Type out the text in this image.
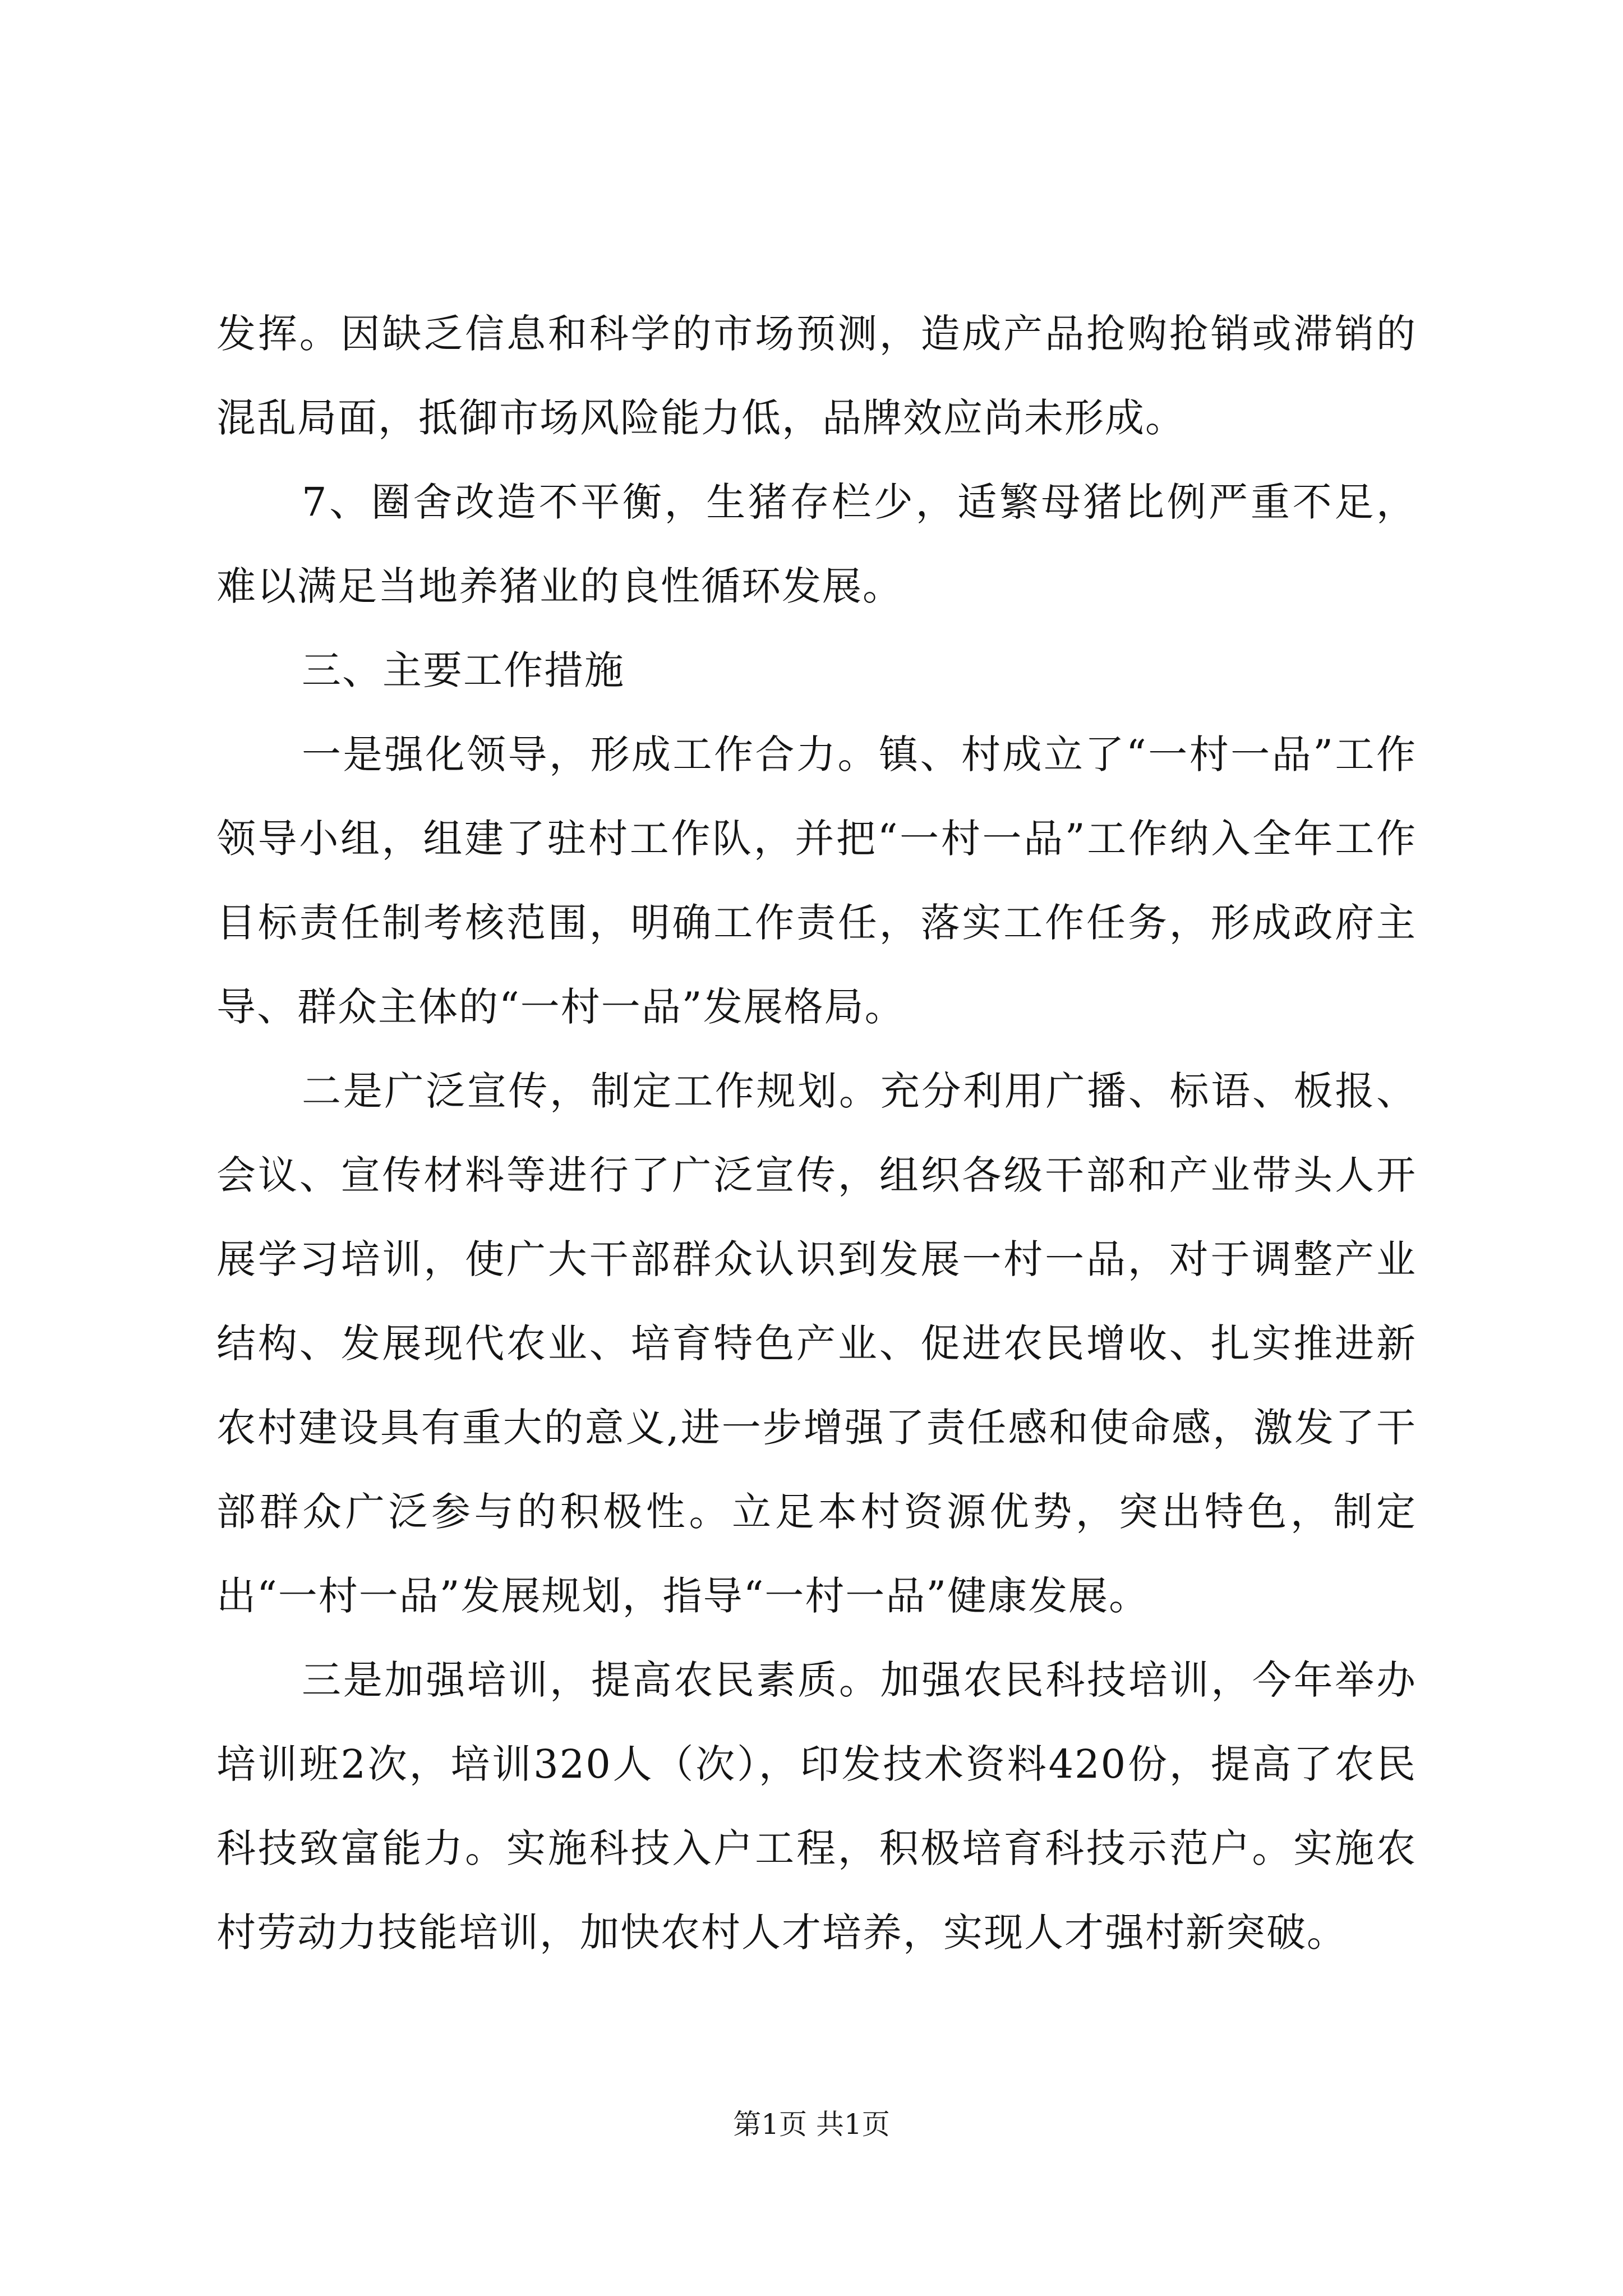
发挥。因缺乏信息和科学的市场预测，造成产品抢购抢销或滞销的混乱局面，抵御市场风险能力低，品牌效应尚未形成。

7、圈舍改造不平衡，生猪存栏少，适繁母猪比例严重不足，难以满足当地养猪业的良性循环发展。

三、主要工作措施

一是强化领导，形成工作合力。镇、村成立了“一村一品”工作领导小组，组建了驻村工作队，并把“一村一品”工作纳入全年工作目标责任制考核范围，明确工作责任，落实工作任务，形成政府主导、群众主体的“一村一品”发展格局。

二是广泛宣传，制定工作规划。充分利用广播、标语、板报、会议、宣传材料等进行了广泛宣传，组织各级干部和产业带头人开展学习培训，使广大干部群众认识到发展一村一品，对于调整产业结构、发展现代农业、培育特色产业、促进农民增收、扎实推进新农村建设具有重大的意义,进一步增强了责任感和使命感，激发了干部群众广泛参与的积极性。立足本村资源优势，突出特色，制定出“一村一品”发展规划，指导“一村一品”健康发展。

三是加强培训，提高农民素质。加强农民科技培训，今年举办培训班2次，培训320人（次），印发技术资料420份，提高了农民科技致富能力。实施科技入户工程，积极培育科技示范户。实施农村劳动力技能培训，加快农村人才培养，实现人才强村新突破。

第1页 共1页
